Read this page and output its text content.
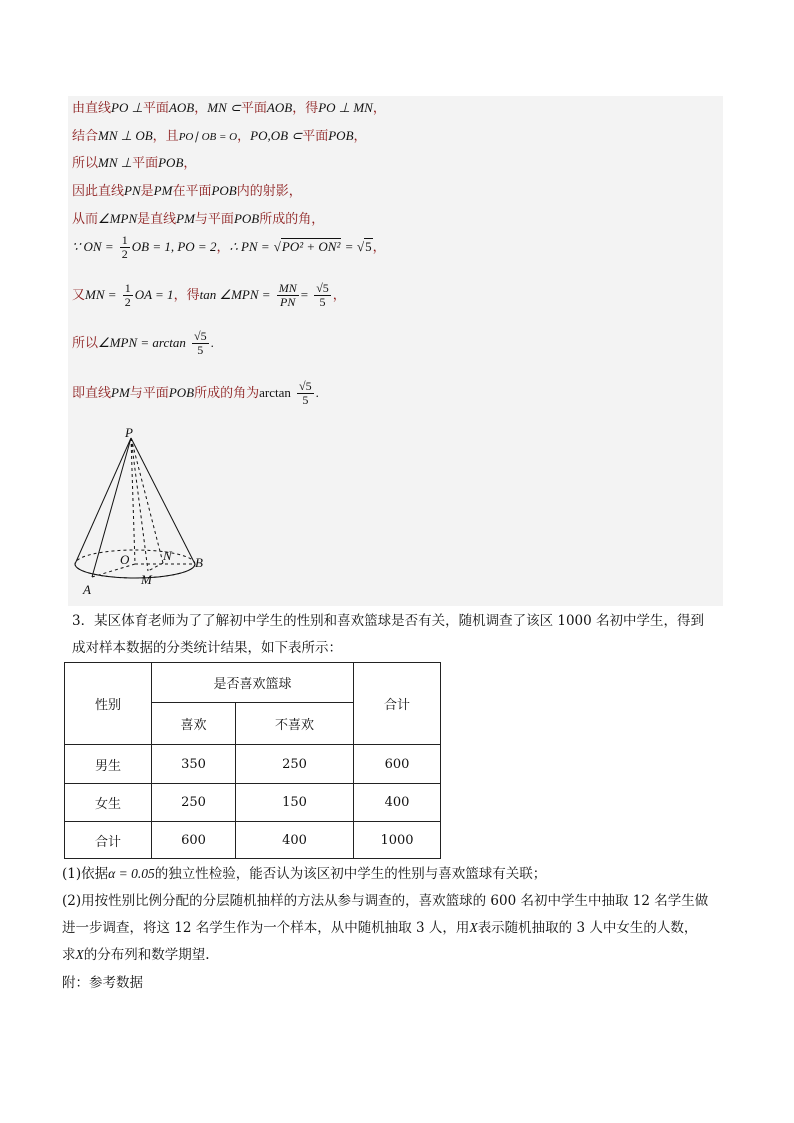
由直线PO ⊥平面AOB，MN ⊂平面AOB，得PO ⊥ MN，
结合MN ⊥ OB，且PO∣ OB = O，PO,OB ⊂平面POB，
所以MN ⊥平面POB，
因此直线PN是PM在平面POB内的射影，
从而∠MPN是直线PM与平面POB所成的角，
∵ ON = $\frac{1}{2}$ OB = 1, PO = 2，∴ PN = √PO² + ON² = √5，
又MN = $\frac{1}{2}$ OA = 1，得tan ∠MPN = $\frac{MN}{PN} = \frac{√5}{5}$ ，
所以∠MPN = $\arctan \frac{√5}{5}$ .
即直线PM与平面POB所成的角为$\arctan \frac{√5}{5}$ .
P
O	N B
M
A
3．某区体育老师为了了解初中学生的性别和喜欢篮球是否有关，随机调查了该区 1000 名初中学生，得到
成对样本数据的分类统计结果，如下表所示：
性别	是否喜欢篮球		合计
	喜欢	不喜欢	
男生	350	250	600
女生	250	150	400
合计	600	400	1000
(1)依据α = 0.05的独立性检验，能否认为该区初中学生的性别与喜欢篮球有关联；
(2)用按性别比例分配的分层随机抽样的方法从参与调查的，喜欢篮球的 600 名初中学生中抽取 12 名学生做
进一步调查，将这 12 名学生作为一个样本，从中随机抽取 3 人，用X表示随机抽取的 3 人中女生的人数，
求X的分布列和数学期望.
附：参考数据
